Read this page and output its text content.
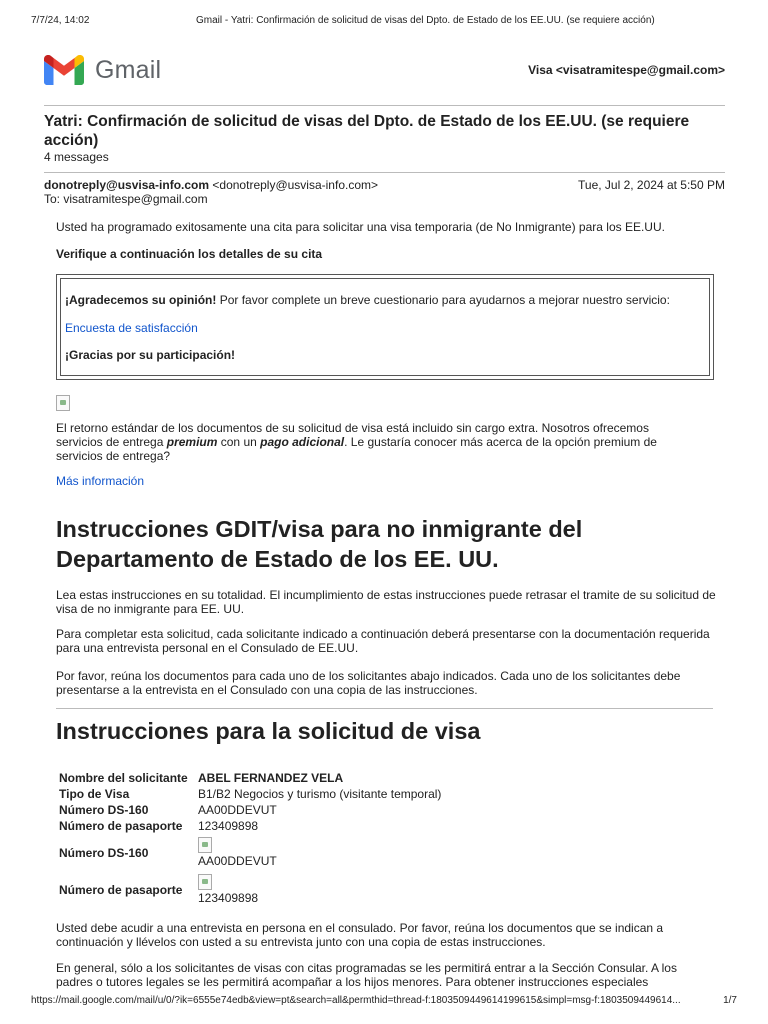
7/7/24, 14:02	Gmail - Yatri: Confirmación de solicitud de visas del Dpto. de Estado de los EE.UU. (se requiere acción)
Gmail	Visa <visatramitespe@gmail.com>
Yatri: Confirmación de solicitud de visas del Dpto. de Estado de los EE.UU. (se requiere acción)
4 messages
donotreply@usvisa-info.com <donotreply@usvisa-info.com>
To: visatramitespe@gmail.com
Tue, Jul 2, 2024 at 5:50 PM

Usted ha programado exitosamente una cita para solicitar una visa temporaria (de No Inmigrante) para los EE.UU.

Verifique a continuación los detalles de su cita

¡Agradecemos su opinión! Por favor complete un breve cuestionario para ayudarnos a mejorar nuestro servicio:

Encuesta de satisfacción

¡Gracias por su participación!

El retorno estándar de los documentos de su solicitud de visa está incluido sin cargo extra. Nosotros ofrecemos servicios de entrega premium con un pago adicional. Le gustaría conocer más acerca de la opción premium de servicios de entrega?

Más información
Instrucciones GDIT/visa para no inmigrante del Departamento de Estado de los EE. UU.

Lea estas instrucciones en su totalidad. El incumplimiento de estas instrucciones puede retrasar el tramite de su solicitud de visa de no inmigrante para EE. UU.

Para completar esta solicitud, cada solicitante indicado a continuación deberá presentarse con la documentación requerida para una entrevista personal en el Consulado de EE.UU.

Por favor, reúna los documentos para cada uno de los solicitantes abajo indicados. Cada uno de los solicitantes debe presentarse a la entrevista en el Consulado con una copia de las instrucciones.

Instrucciones para la solicitud de visa
Nombre del solicitante	ABEL FERNANDEZ VELA
Tipo de Visa	B1/B2 Negocios y turismo (visitante temporal)
Número DS-160	AA00DDEVUT
Número de pasaporte	123409898
Número DS-160	AA00DDEVUT
Número de pasaporte	123409898

Usted debe acudir a una entrevista en persona en el consulado. Por favor, reúna los documentos que se indican a continuación y llévelos con usted a su entrevista junto con una copia de estas instrucciones.

En general, sólo a los solicitantes de visas con citas programadas se les permitirá entrar a la Sección Consular. A los padres o tutores legales se les permitirá acompañar a los hijos menores. Para obtener instrucciones especiales

https://mail.google.com/mail/u/0/?ik=6555e74edb&view=pt&search=all&permthid=thread-f:1803509449614199615&simpl=msg-f:1803509449614...	1/7
